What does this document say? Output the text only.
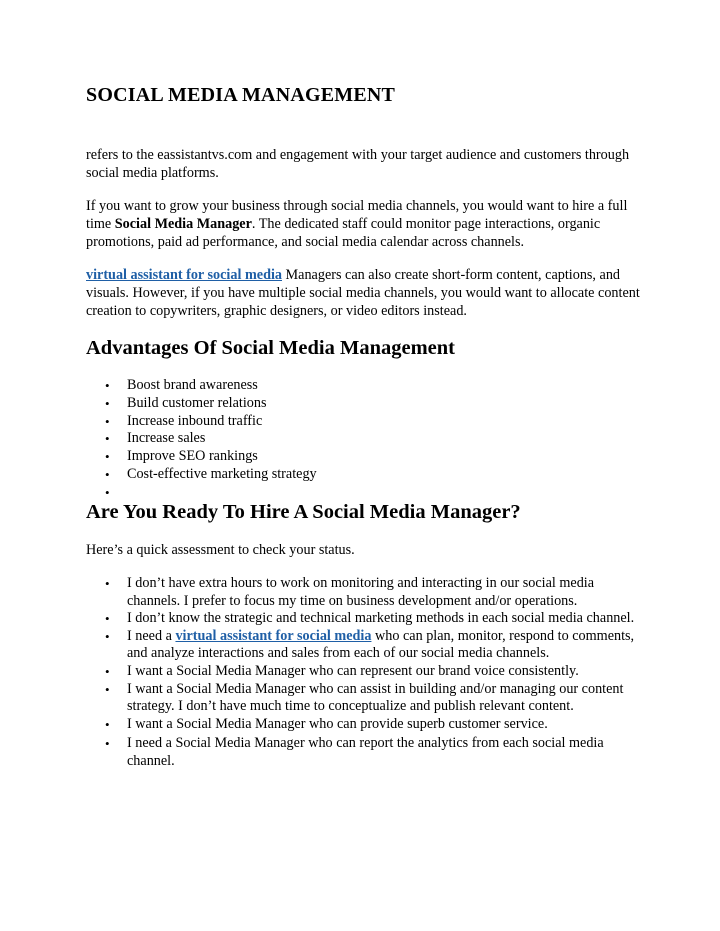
SOCIAL MEDIA MANAGEMENT

refers to the eassistantvs.com and engagement with your target audience and customers through social media platforms.

If you want to grow your business through social media channels, you would want to hire a full time Social Media Manager. The dedicated staff could monitor page interactions, organic promotions, paid ad performance, and social media calendar across channels.

virtual assistant for social media Managers can also create short-form content, captions, and visuals. However, if you have multiple social media channels, you would want to allocate content creation to copywriters, graphic designers, or video editors instead.

Advantages Of Social Media Management
• Boost brand awareness
• Build customer relations
• Increase inbound traffic
• Increase sales
• Improve SEO rankings
• Cost-effective marketing strategy
•
Are You Ready To Hire A Social Media Manager?

Here’s a quick assessment to check your status.

• I don’t have extra hours to work on monitoring and interacting in our social media channels. I prefer to focus my time on business development and/or operations.
• I don’t know the strategic and technical marketing methods in each social media channel.
• I need a virtual assistant for social media who can plan, monitor, respond to comments, and analyze interactions and sales from each of our social media channels.
• I want a Social Media Manager who can represent our brand voice consistently.
• I want a Social Media Manager who can assist in building and/or managing our content strategy. I don’t have much time to conceptualize and publish relevant content.
• I want a Social Media Manager who can provide superb customer service.
• I need a Social Media Manager who can report the analytics from each social media channel.
